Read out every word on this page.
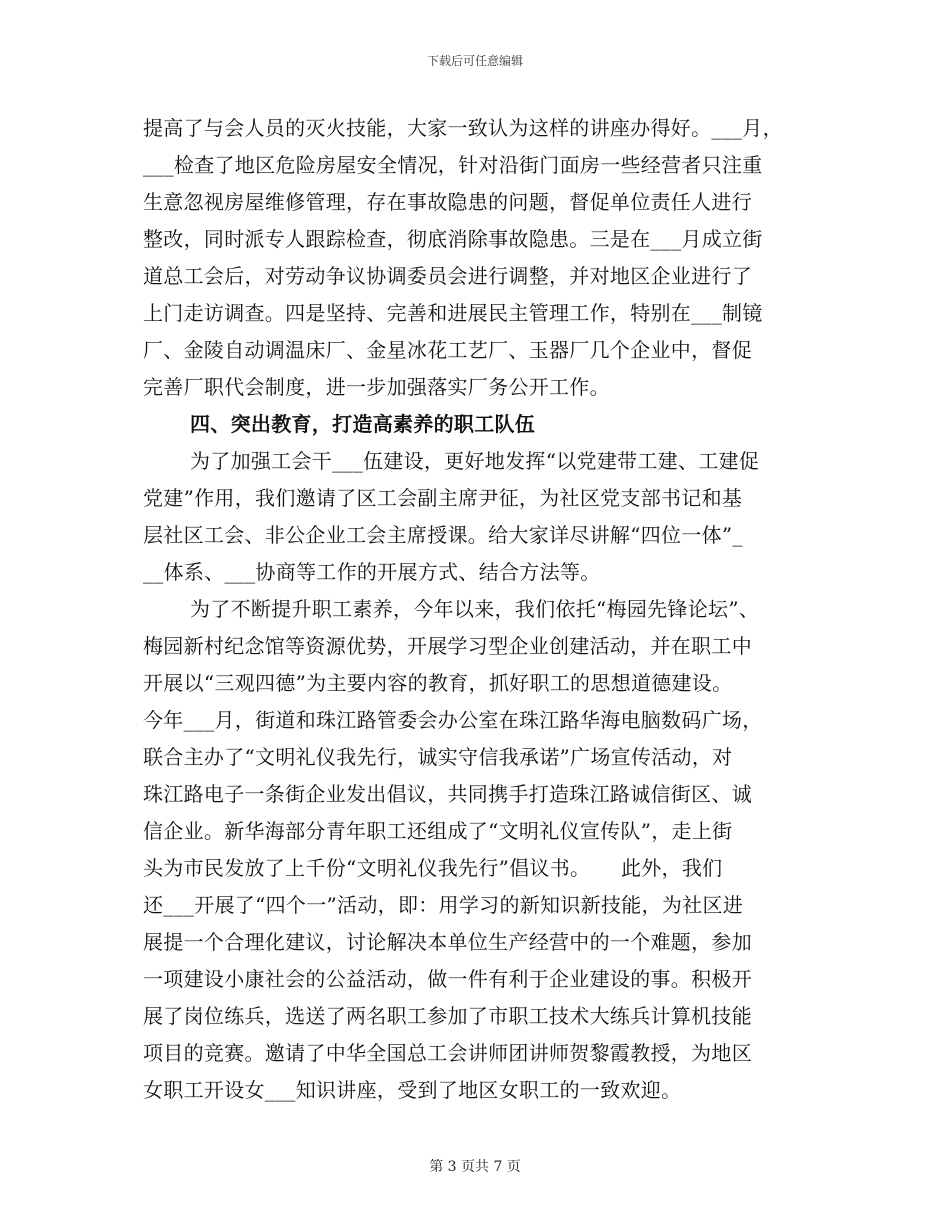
下载后可任意编辑
提高了与会人员的灭火技能，大家一致认为这样的讲座办得好。___月，
___检查了地区危险房屋安全情况，针对沿街门面房一些经营者只注重
生意忽视房屋维修管理，存在事故隐患的问题，督促单位责任人进行
整改，同时派专人跟踪检查，彻底消除事故隐患。三是在___月成立街
道总工会后，对劳动争议协调委员会进行调整，并对地区企业进行了
上门走访调查。四是坚持、完善和进展民主管理工作，特别在___制镜
厂、金陵自动调温床厂、金星冰花工艺厂、玉器厂几个企业中，督促
完善厂职代会制度，进一步加强落实厂务公开工作。
四、突出教育，打造高素养的职工队伍
为了加强工会干___伍建设，更好地发挥“以党建带工建、工建促
党建”作用，我们邀请了区工会副主席尹征，为社区党支部书记和基
层社区工会、非公企业工会主席授课。给大家详尽讲解“四位一体”_
__体系、___协商等工作的开展方式、结合方法等。
为了不断提升职工素养，今年以来，我们依托“梅园先锋论坛”、
梅园新村纪念馆等资源优势，开展学习型企业创建活动，并在职工中
开展以“三观四德”为主要内容的教育，抓好职工的思想道德建设。
今年___月，街道和珠江路管委会办公室在珠江路华海电脑数码广场，
联合主办了“文明礼仪我先行，诚实守信我承诺”广场宣传活动，对
珠江路电子一条街企业发出倡议，共同携手打造珠江路诚信街区、诚
信企业。新华海部分青年职工还组成了“文明礼仪宣传队”，走上街
头为市民发放了上千份“文明礼仪我先行”倡议书。　　此外，我们
还___开展了“四个一”活动，即：用学习的新知识新技能，为社区进
展提一个合理化建议，讨论解决本单位生产经营中的一个难题，参加
一项建设小康社会的公益活动，做一件有利于企业建设的事。积极开
展了岗位练兵，选送了两名职工参加了市职工技术大练兵计算机技能
项目的竞赛。邀请了中华全国总工会讲师团讲师贺黎霞教授，为地区
女职工开设女___知识讲座，受到了地区女职工的一致欢迎。
第 3 页共 7 页
